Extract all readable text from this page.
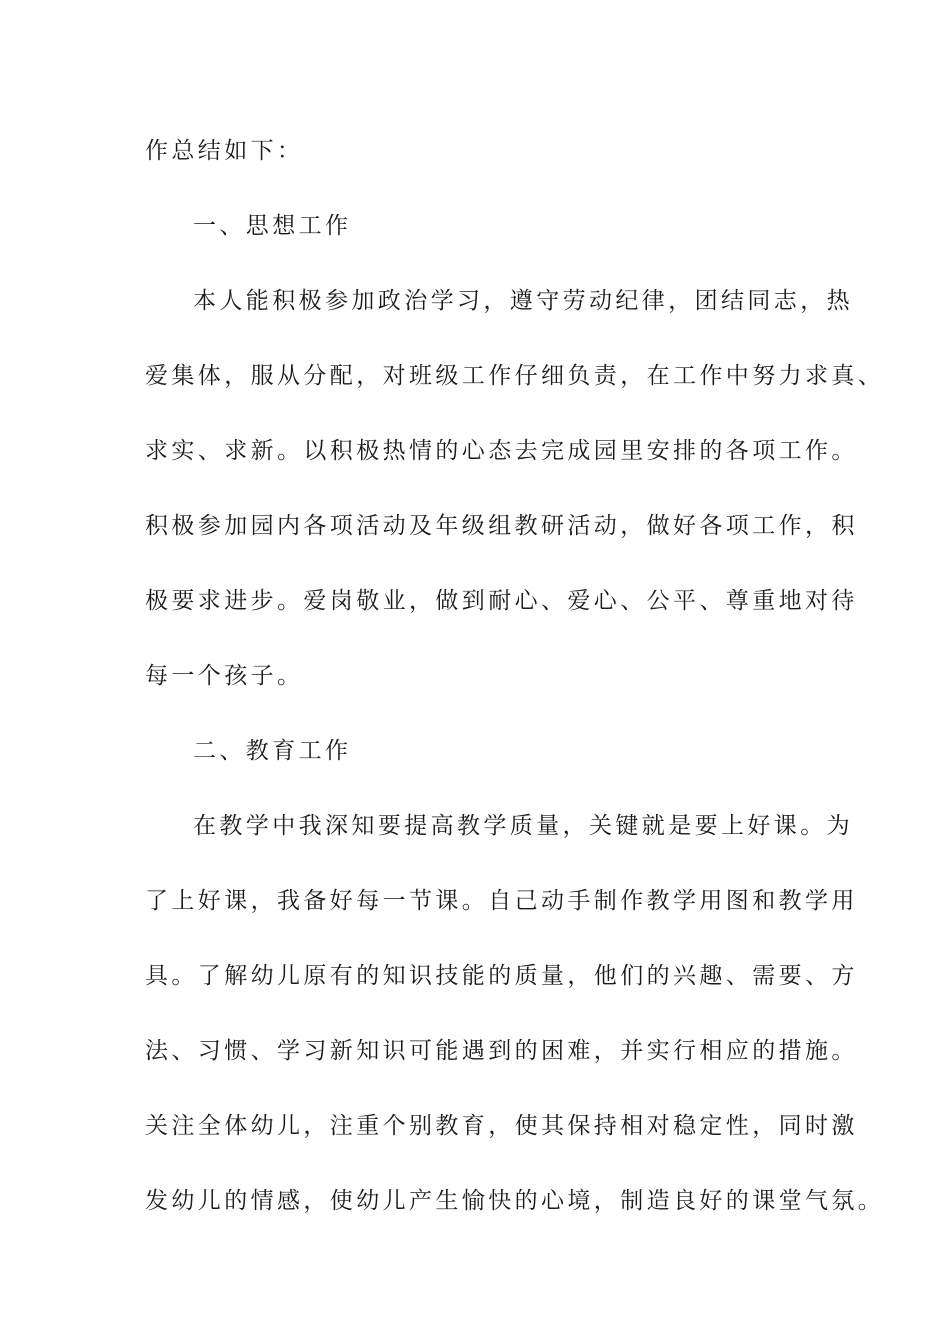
作总结如下：

一、思想工作

本人能积极参加政治学习，遵守劳动纪律，团结同志，热

爱集体，服从分配，对班级工作仔细负责，在工作中努力求真、

求实、求新。以积极热情的心态去完成园里安排的各项工作。

积极参加园内各项活动及年级组教研活动，做好各项工作，积

极要求进步。爱岗敬业，做到耐心、爱心、公平、尊重地对待

每一个孩子。

二、教育工作

在教学中我深知要提高教学质量，关键就是要上好课。为

了上好课，我备好每一节课。自己动手制作教学用图和教学用

具。了解幼儿原有的知识技能的质量，他们的兴趣、需要、方

法、习惯、学习新知识可能遇到的困难，并实行相应的措施。

关注全体幼儿，注重个别教育，使其保持相对稳定性，同时激

发幼儿的情感，使幼儿产生愉快的心境，制造良好的课堂气氛。
